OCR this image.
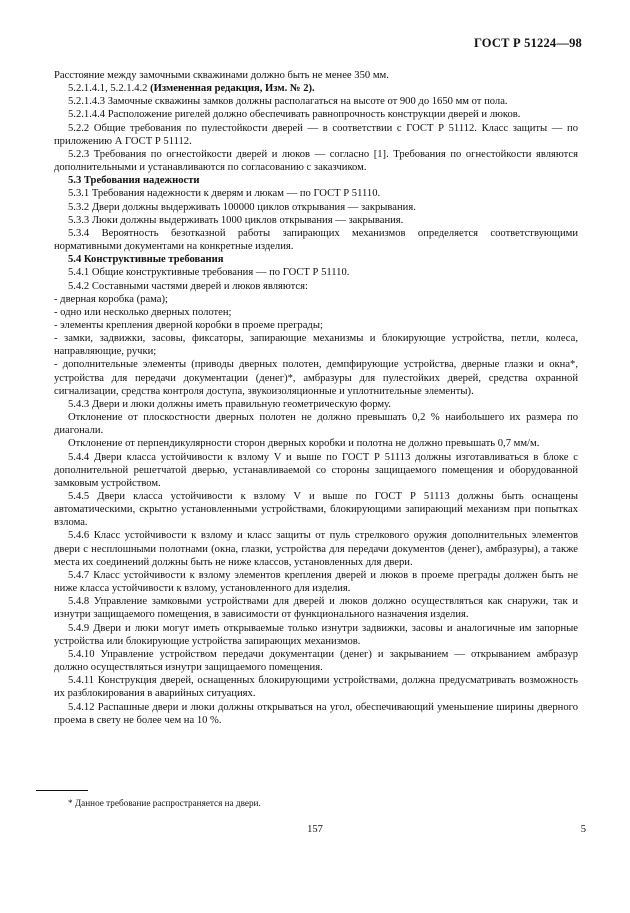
ГОСТ Р 51224—98

Расстояние между замочными скважинами должно быть не менее 350 мм.

5.2.1.4.1, 5.2.1.4.2 (Измененная редакция, Изм. № 2).

5.2.1.4.3 Замочные скважины замков должны располагаться на высоте от 900 до 1650 мм от пола.

5.2.1.4.4 Расположение ригелей должно обеспечивать равнопрочность конструкции дверей и люков.

5.2.2 Общие требования по пулестойкости дверей — в соответствии с ГОСТ Р 51112. Класс защиты — по приложению А ГОСТ Р 51112.

5.2.3 Требования по огнестойкости дверей и люков — согласно [1]. Требования по огнестойкости являются дополнительными и устанавливаются по согласованию с заказчиком.

5.3 Требования надежности

5.3.1 Требования надежности к дверям и люкам — по ГОСТ Р 51110.

5.3.2 Двери должны выдерживать 100000 циклов открывания — закрывания.

5.3.3 Люки должны выдерживать 1000 циклов открывания — закрывания.

5.3.4 Вероятность безотказной работы запирающих механизмов определяется соответствующими нормативными документами на конкретные изделия.

5.4 Конструктивные требования

5.4.1 Общие конструктивные требования — по ГОСТ Р 51110.

5.4.2 Составными частями дверей и люков являются:

- дверная коробка (рама);

- одно или несколько дверных полотен;

- элементы крепления дверной коробки в проеме преграды;

- замки, задвижки, засовы, фиксаторы, запирающие механизмы и блокирующие устройства, петли, колеса, направляющие, ручки;

- дополнительные элементы (приводы дверных полотен, демпфирующие устройства, дверные глазки и окна*, устройства для передачи документации (денег)*, амбразуры для пулестойких дверей, средства охранной сигнализации, средства контроля доступа, звукоизоляционные и уплотнительные элементы).

5.4.3 Двери и люки должны иметь правильную геометрическую форму.

Отклонение от плоскостности дверных полотен не должно превышать 0,2 % наибольшего их размера по диагонали.

Отклонение от перпендикулярности сторон дверных коробки и полотна не должно превышать 0,7 мм/м.

5.4.4 Двери класса устойчивости к взлому V и выше по ГОСТ Р 51113 должны изготавливаться в блоке с дополнительной решетчатой дверью, устанавливаемой со стороны защищаемого помещения и оборудованной замковым устройством.

5.4.5 Двери класса устойчивости к взлому V и выше по ГОСТ Р 51113 должны быть оснащены автоматическими, скрытно установленными устройствами, блокирующими запирающий механизм при попытках взлома.

5.4.6 Класс устойчивости к взлому и класс защиты от пуль стрелкового оружия дополнительных элементов двери с несплошными полотнами (окна, глазки, устройства для передачи документов (денег), амбразуры), а также места их соединений должны быть не ниже классов, установленных для двери.

5.4.7 Класс устойчивости к взлому элементов крепления дверей и люков в проеме преграды должен быть не ниже класса устойчивости к взлому, установленного для изделия.

5.4.8 Управление замковыми устройствами для дверей и люков должно осуществляться как снаружи, так и изнутри защищаемого помещения, в зависимости от функционального назначения изделия.

5.4.9 Двери и люки могут иметь открываемые только изнутри задвижки, засовы и аналогичные им запорные устройства или блокирующие устройства запирающих механизмов.

5.4.10 Управление устройством передачи документации (денег) и закрыванием — открыванием амбразур должно осуществляться изнутри защищаемого помещения.

5.4.11 Конструкция дверей, оснащенных блокирующими устройствами, должна предусматривать возможность их разблокирования в аварийных ситуациях.

5.4.12 Распашные двери и люки должны открываться на угол, обеспечивающий уменьшение ширины дверного проема в свету не более чем на 10 %.

* Данное требование распространяется на двери.
157	5
